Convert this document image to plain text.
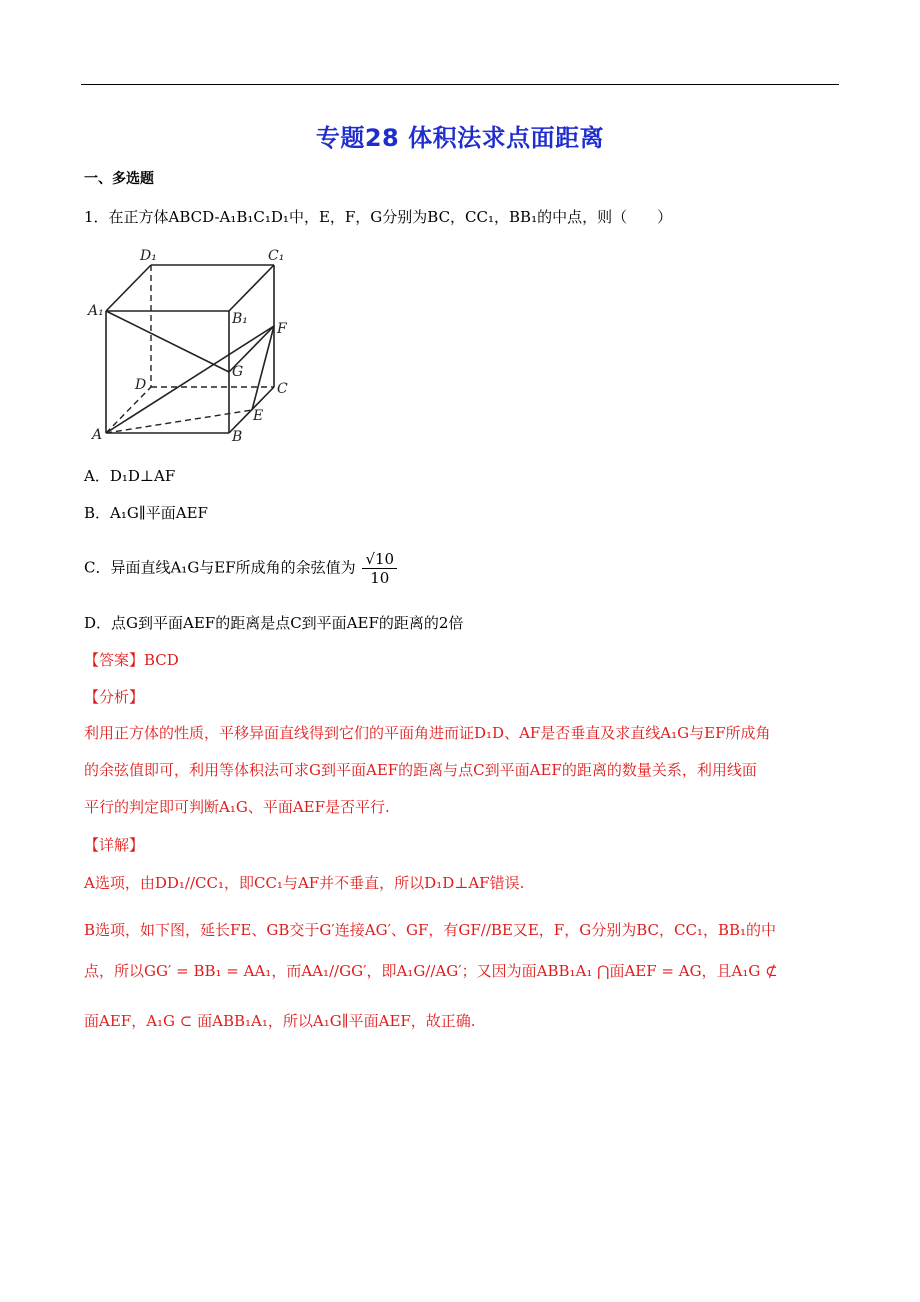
专题28 体积法求点面距离
一、多选题
1．在正方体ABCD-A₁B₁C₁D₁中，E，F，G分别为BC，CC₁，BB₁的中点，则（　　）
D₁	C₁
A₁	B₁
F
G
D	C
E
A	B
A．D₁D⊥AF
B．A₁G∥平面AEF
C．异面直线A₁G与EF所成角的余弦值为 $\frac{√10}{10}$
D．点G到平面AEF的距离是点C到平面AEF的距离的2倍
【答案】BCD
【分析】
利用正方体的性质，平移异面直线得到它们的平面角进而证D₁D、AF是否垂直及求直线A₁G与EF所成角
的余弦值即可，利用等体积法可求G到平面AEF的距离与点C到平面AEF的距离的数量关系，利用线面
平行的判定即可判断A₁G、平面AEF是否平行.
【详解】
A选项，由DD₁//CC₁，即CC₁与AF并不垂直，所以D₁D⊥AF错误.
B选项，如下图，延长FE、GB交于G′连接AG′、GF，有GF//BE又E，F，G分别为BC，CC₁，BB₁的中
点，所以GG′ = BB₁ = AA₁，而AA₁//GG′，即A₁G//AG′；又因为面ABB₁A₁ ⋂面AEF = AG，且A₁G ⊄
面AEF，A₁G ⊂ 面ABB₁A₁，所以A₁G∥平面AEF，故正确.
